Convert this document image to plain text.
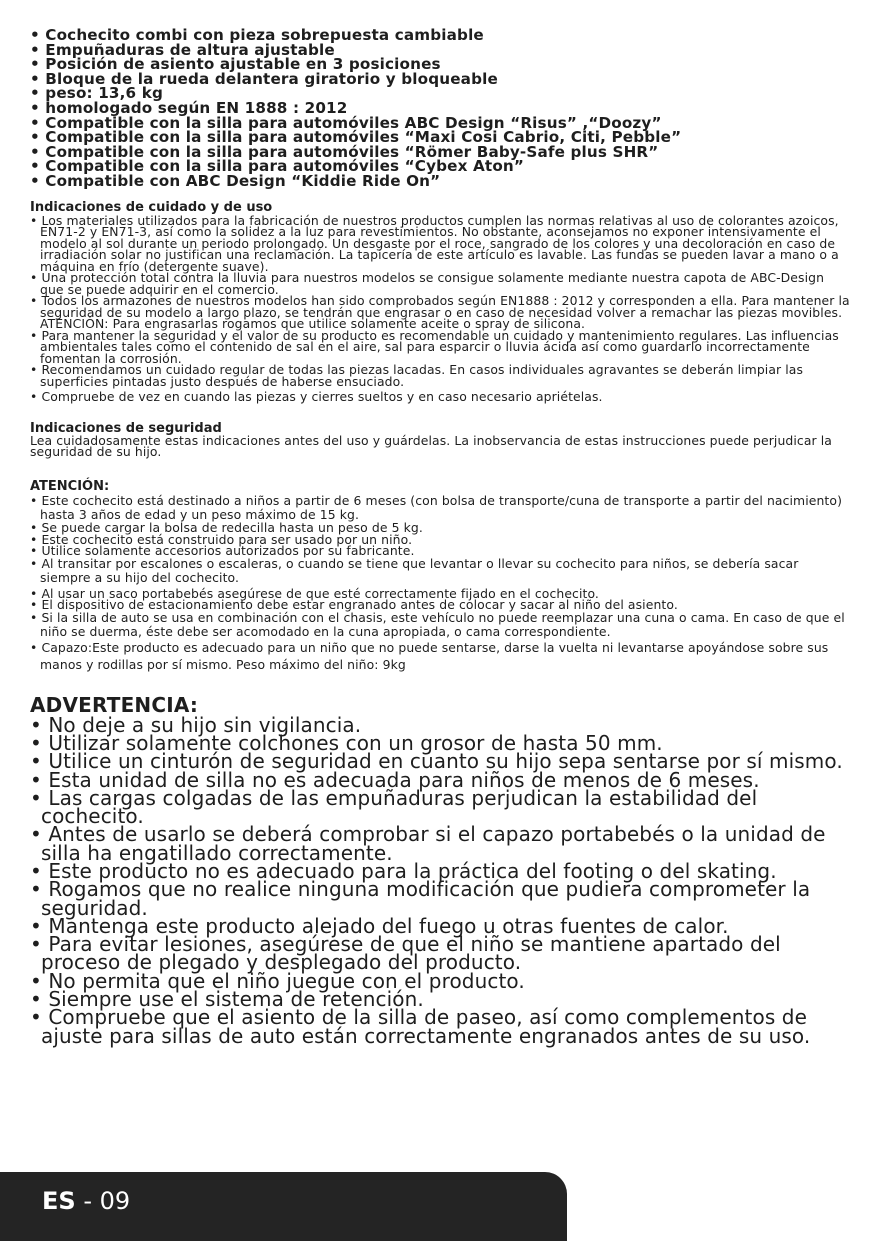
• Cochecito combi con pieza sobrepuesta cambiable
• Empuñaduras de altura ajustable
• Posición de asiento ajustable en 3 posiciones
• Bloque de la rueda delantera giratorio y bloqueable
• peso: 13,6 kg
• homologado según EN 1888 : 2012
• Compatible con la silla para automóviles ABC Design “Risus” ,“Doozy”
• Compatible con la silla para automóviles “Maxi Cosi Cabrio, Citi, Pebble”
• Compatible con la silla para automóviles “Römer Baby-Safe plus SHR”
• Compatible con la silla para automóviles “Cybex Aton”
• Compatible con ABC Design “Kiddie Ride On”
Indicaciones de cuidado y de uso
• Los materiales utilizados para la fabricación de nuestros productos cumplen las normas relativas al uso de colorantes azoicos, EN71-2 y EN71-3, así como la solidez a la luz para revestimientos. No obstante, aconsejamos no exponer intensivamente el modelo al sol durante un periodo prolongado. Un desgaste por el roce, sangrado de los colores y una decoloración en caso de irradiación solar no justifican una reclamación. La tapicería de este artículo es lavable. Las fundas se pueden lavar a mano o a máquina en frío (detergente suave).
• Una protección total contra la lluvia para nuestros modelos se consigue solamente mediante nuestra capota de ABC-Design que se puede adquirir en el comercio.
• Todos los armazones de nuestros modelos han sido comprobados según EN1888 : 2012 y corresponden a ella. Para mantener la seguridad de su modelo a largo plazo, se tendrán que engrasar o en caso de necesidad volver a remachar las piezas movibles.
ATENCIÓN: Para engrasarlas rogamos que utilice solamente aceite o spray de silicona.
• Para mantener la seguridad y el valor de su producto es recomendable un cuidado y mantenimiento regulares. Las influencias ambientales tales como el contenido de sal en el aire, sal para esparcir o lluvia ácida así como guardarlo incorrectamente fomentan la corrosión.
• Recomendamos un cuidado regular de todas las piezas lacadas. En casos individuales agravantes se deberán limpiar las superficies pintadas justo después de haberse ensuciado.
• Compruebe de vez en cuando las piezas y cierres sueltos y en caso necesario apriételas.
Indicaciones de seguridad

Lea cuidadosamente estas indicaciones antes del uso y guárdelas. La inobservancia de estas instrucciones puede perjudicar la seguridad de su hijo.

ATENCIÓN:
• Este cochecito está destinado a niños a partir de 6 meses (con bolsa de transporte/cuna de transporte a partir del nacimiento) hasta 3 años de edad y un peso máximo de 15 kg.
• Se puede cargar la bolsa de redecilla hasta un peso de 5 kg.
• Este cochecito está construido para ser usado por un niño.
• Utilice solamente accesorios autorizados por su fabricante.
• Al transitar por escalones o escaleras, o cuando se tiene que levantar o llevar su cochecito para niños, se debería sacar siempre a su hijo del cochecito.
• Al usar un saco portabebés asegúrese de que esté correctamente fijado en el cochecito.
• El dispositivo de estacionamiento debe estar engranado antes de colocar y sacar al niño del asiento.
• Si la silla de auto se usa en combinación con el chasis, este vehículo no puede reemplazar una cuna o cama. En caso de que el niño se duerma, éste debe ser acomodado en la cuna apropiada, o cama correspondiente.
• Capazo:Este producto es adecuado para un niño que no puede sentarse, darse la vuelta ni levantarse apoyándose sobre sus manos y rodillas por sí mismo. Peso máximo del niño: 9kg
ADVERTENCIA:
• No deje a su hijo sin vigilancia.
• Utilizar solamente colchones con un grosor de hasta 50 mm.
• Utilice un cinturón de seguridad en cuanto su hijo sepa sentarse por sí mismo.
• Esta unidad de silla no es adecuada para niños de menos de 6 meses.
• Las cargas colgadas de las empuñaduras perjudican la estabilidad del cochecito.
• Antes de usarlo se deberá comprobar si el capazo portabebés o la unidad de silla ha engatillado correctamente.
• Este producto no es adecuado para la práctica del footing o del skating.
• Rogamos que no realice ninguna modificación que pudiera comprometer la seguridad.
• Mantenga este producto alejado del fuego u otras fuentes de calor.
• Para evitar lesiones, asegúrese de que el niño se mantiene apartado del proceso de plegado y desplegado del producto.
• No permita que el niño juegue con el producto.
• Siempre use el sistema de retención.
• Compruebe que el asiento de la silla de paseo, así como complementos de ajuste para sillas de auto están correctamente engranados antes de su uso.
ES - 09
